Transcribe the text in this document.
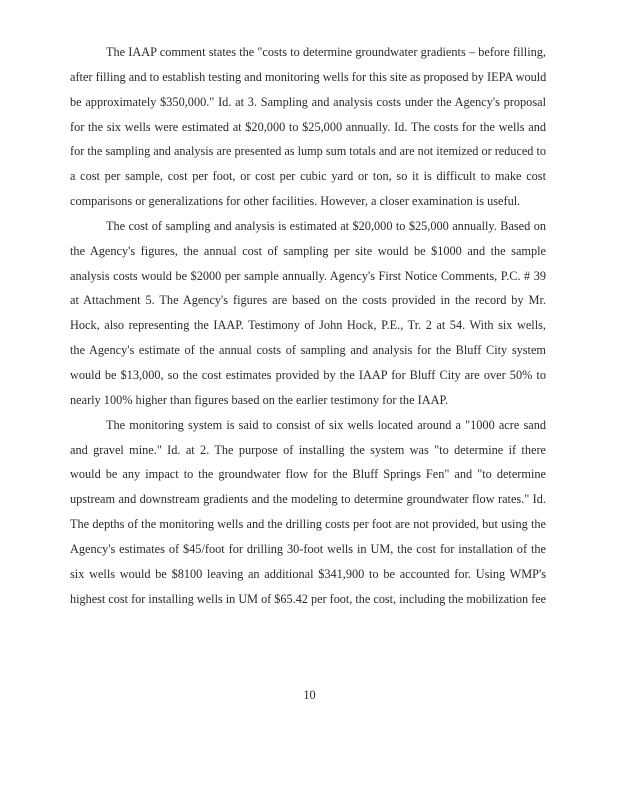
The IAAP comment states the "costs to determine groundwater gradients – before filling,
after filling and to establish testing and monitoring wells for this site as proposed by IEPA would
be approximately $350,000." Id. at 3. Sampling and analysis costs under the Agency's proposal
for the six wells were estimated at $20,000 to $25,000 annually. Id. The costs for the wells and
for the sampling and analysis are presented as lump sum totals and are not itemized or reduced to
a cost per sample, cost per foot, or cost per cubic yard or ton, so it is difficult to make cost
comparisons or generalizations for other facilities. However, a closer examination is useful.
The cost of sampling and analysis is estimated at $20,000 to $25,000 annually. Based on
the Agency's figures, the annual cost of sampling per site would be $1000 and the sample
analysis costs would be $2000 per sample annually. Agency's First Notice Comments, P.C. # 39
at Attachment 5. The Agency's figures are based on the costs provided in the record by Mr.
Hock, also representing the IAAP. Testimony of John Hock, P.E., Tr. 2 at 54. With six wells,
the Agency's estimate of the annual costs of sampling and analysis for the Bluff City system
would be $13,000, so the cost estimates provided by the IAAP for Bluff City are over 50% to
nearly 100% higher than figures based on the earlier testimony for the IAAP.
The monitoring system is said to consist of six wells located around a "1000 acre sand
and gravel mine." Id. at 2. The purpose of installing the system was "to determine if there
would be any impact to the groundwater flow for the Bluff Springs Fen" and "to determine
upstream and downstream gradients and the modeling to determine groundwater flow rates." Id.
The depths of the monitoring wells and the drilling costs per foot are not provided, but using the
Agency's estimates of $45/foot for drilling 30-foot wells in UM, the cost for installation of the
six wells would be $8100 leaving an additional $341,900 to be accounted for. Using WMP's
highest cost for installing wells in UM of $65.42 per foot, the cost, including the mobilization fee
10
